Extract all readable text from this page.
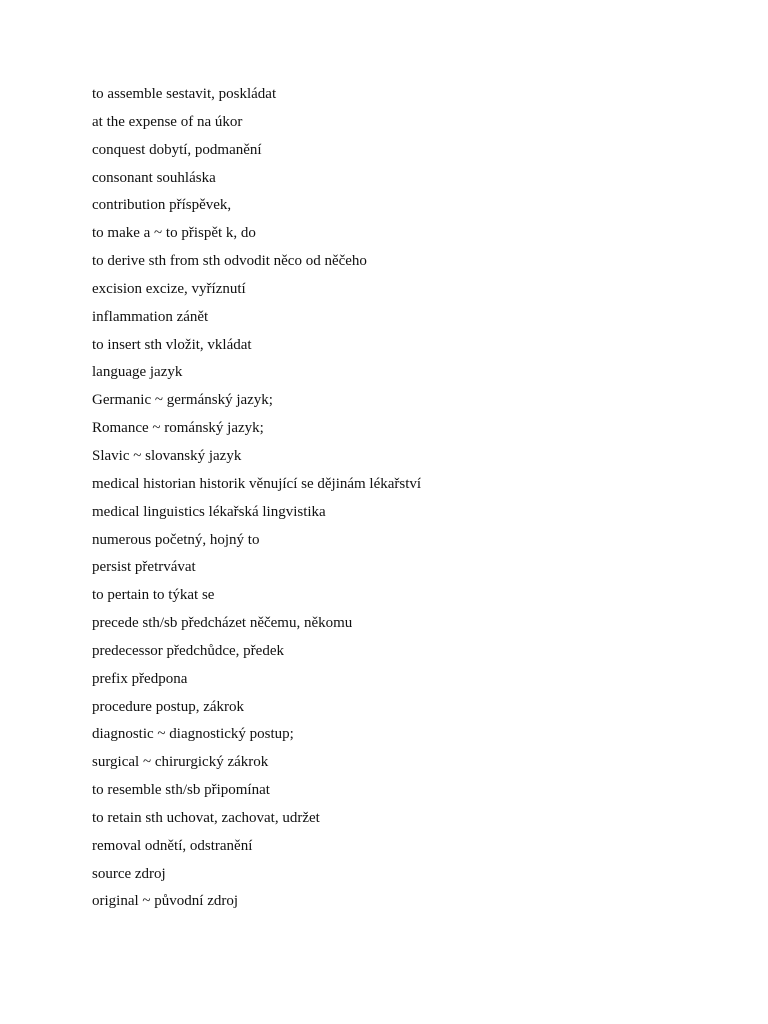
to assemble sestavit, poskládat
at the expense of na úkor
conquest dobytí, podmanění
consonant souhláska
contribution příspěvek,
to make a ~ to přispět k, do
to derive sth from sth odvodit něco od něčeho
excision excize, vyříznutí
inflammation zánět
to insert sth vložit, vkládat
language jazyk
Germanic ~ germánský jazyk;
Romance ~ románský jazyk;
Slavic ~ slovanský jazyk
medical historian historik věnující se dějinám lékařství
medical linguistics lékařská lingvistika
numerous početný, hojný to
persist přetrvávat
to pertain to týkat se
precede sth/sb předcházet něčemu, někomu
predecessor předchůdce, předek
prefix předpona
procedure postup, zákrok
diagnostic ~ diagnostický postup;
surgical ~ chirurgický zákrok
to resemble sth/sb připomínat
to retain sth uchovat, zachovat, udržet
removal odnětí, odstranění
source zdroj
original ~ původní zdroj
